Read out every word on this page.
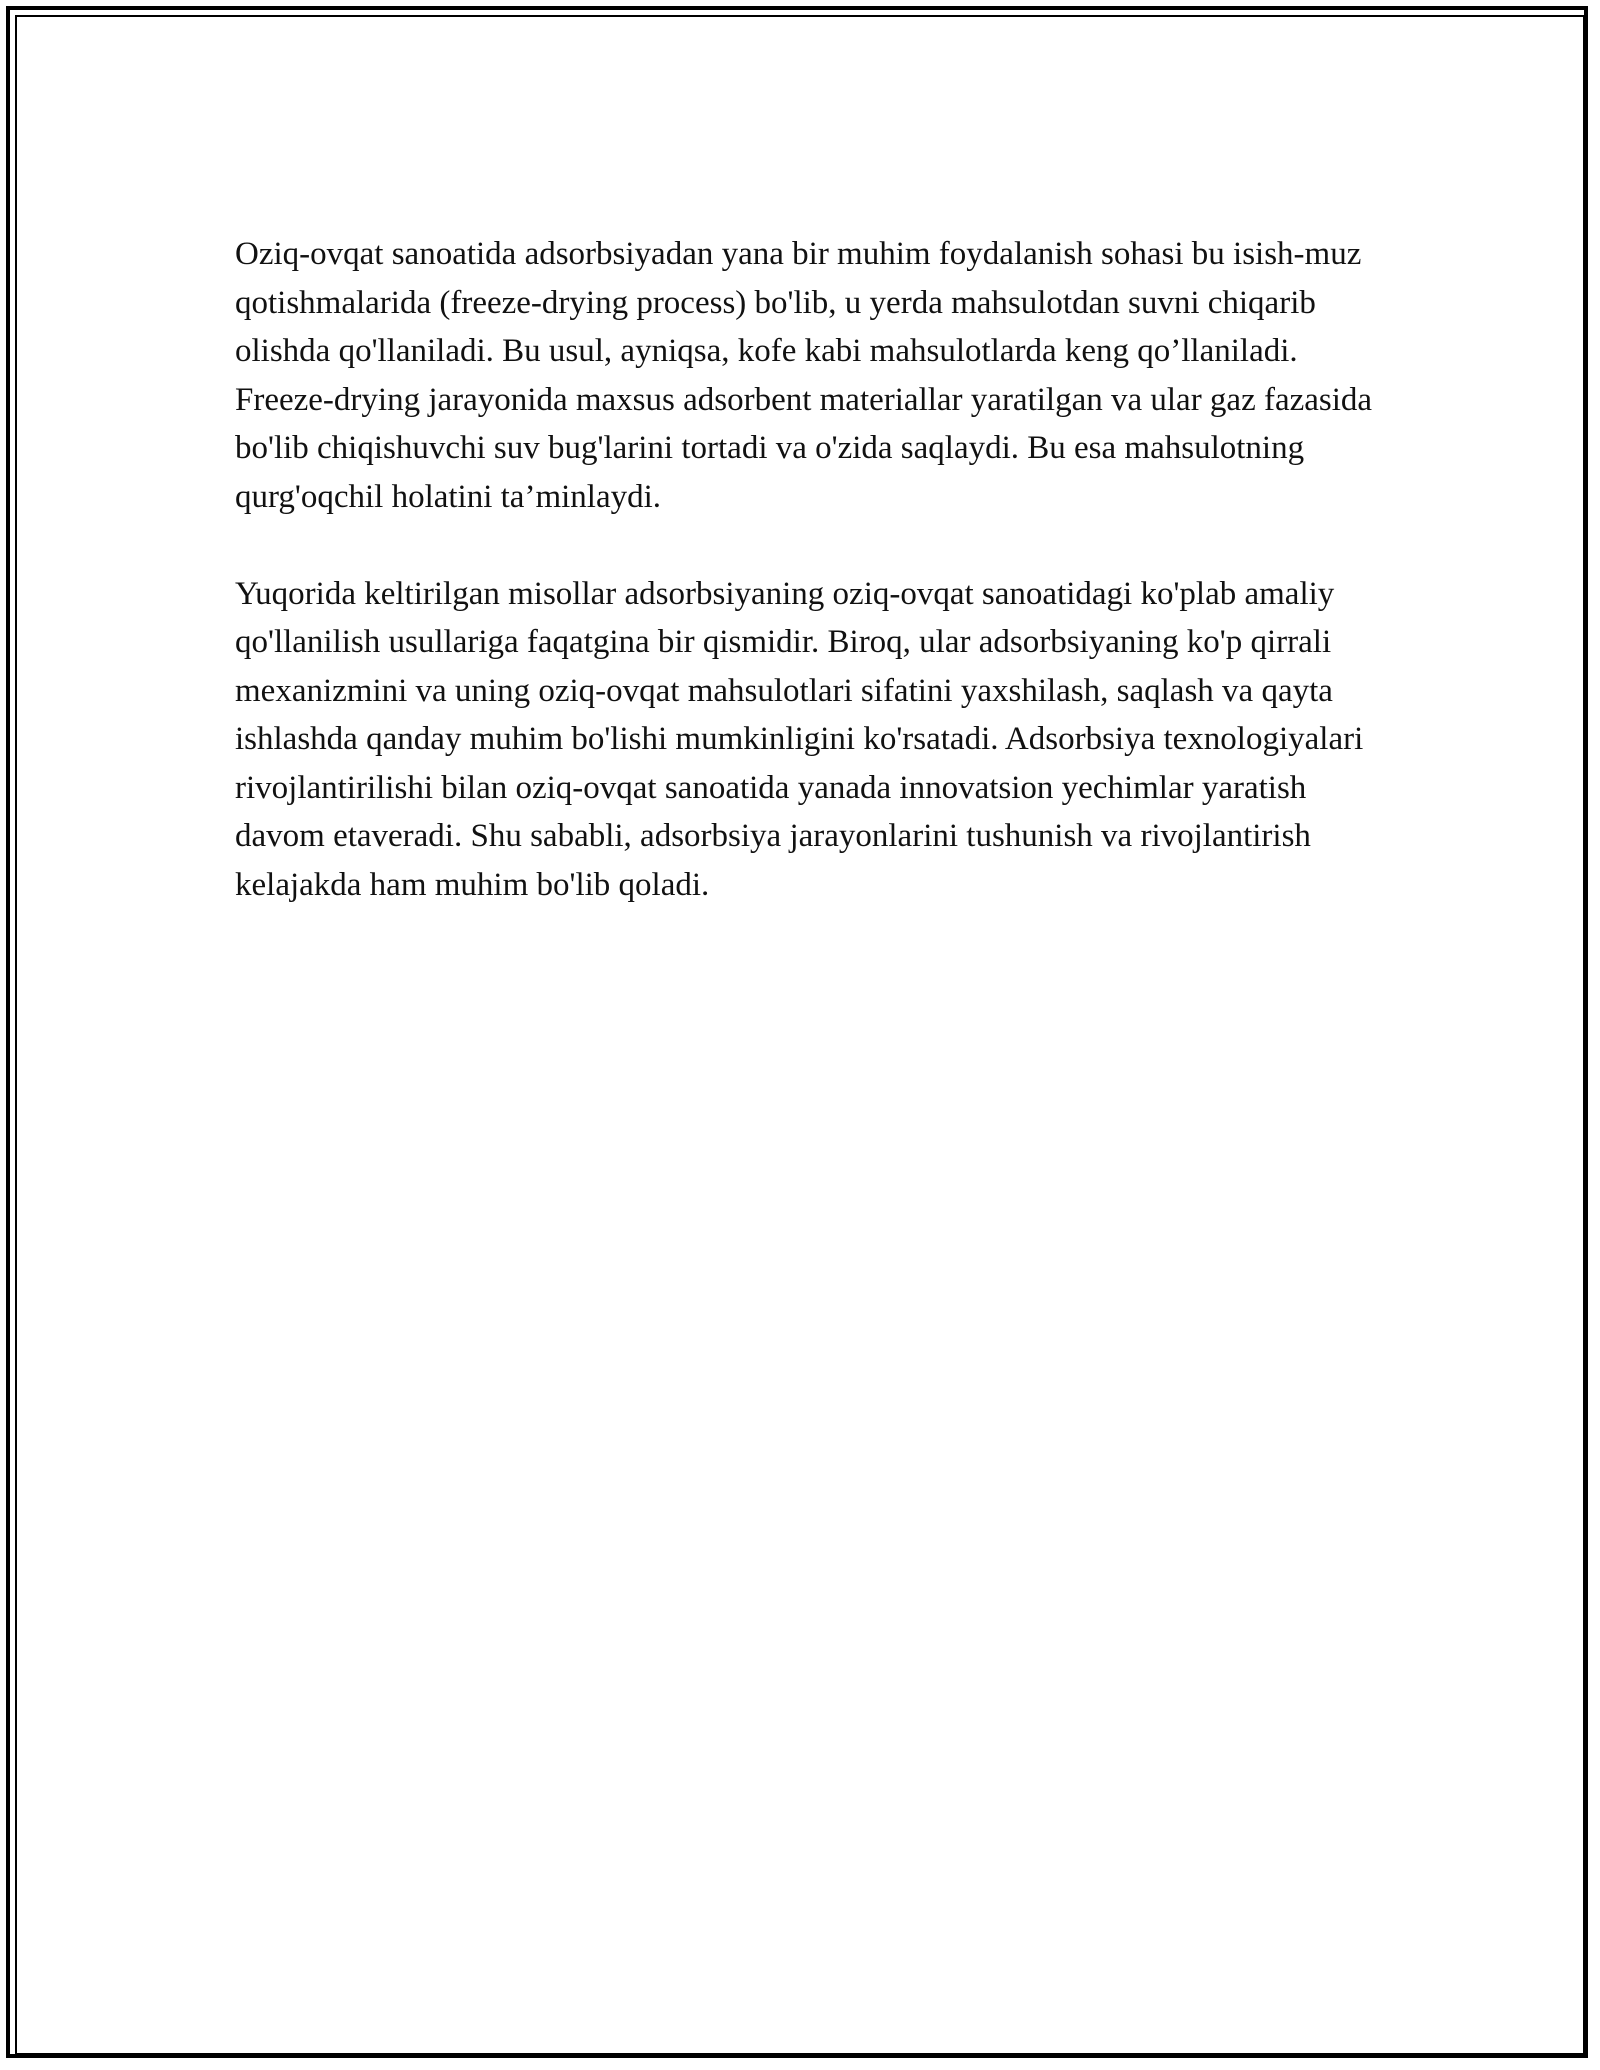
Oziq-ovqat sanoatida adsorbsiyadan yana bir muhim foydalanish sohasi bu isish-muz qotishmalarida (freeze-drying process) bo'lib, u yerda mahsulotdan suvni chiqarib olishda qo'llaniladi. Bu usul, ayniqsa, kofe kabi mahsulotlarda keng qo’llaniladi. Freeze-drying jarayonida maxsus adsorbent materiallar yaratilgan va ular gaz fazasida bo'lib chiqishuvchi suv bug'larini tortadi va o'zida saqlaydi. Bu esa mahsulotning qurg'oqchil holatini ta’minlaydi.

Yuqorida keltirilgan misollar adsorbsiyaning oziq-ovqat sanoatidagi ko'plab amaliy qo'llanilish usullariga faqatgina bir qismidir. Biroq, ular adsorbsiyaning ko'p qirrali mexanizmini va uning oziq-ovqat mahsulotlari sifatini yaxshilash, saqlash va qayta ishlashda qanday muhim bo'lishi mumkinligini ko'rsatadi. Adsorbsiya texnologiyalari rivojlantirilishi bilan oziq-ovqat sanoatida yanada innovatsion yechimlar yaratish davom etaveradi. Shu sababli, adsorbsiya jarayonlarini tushunish va rivojlantirish kelajakda ham muhim bo'lib qoladi.
